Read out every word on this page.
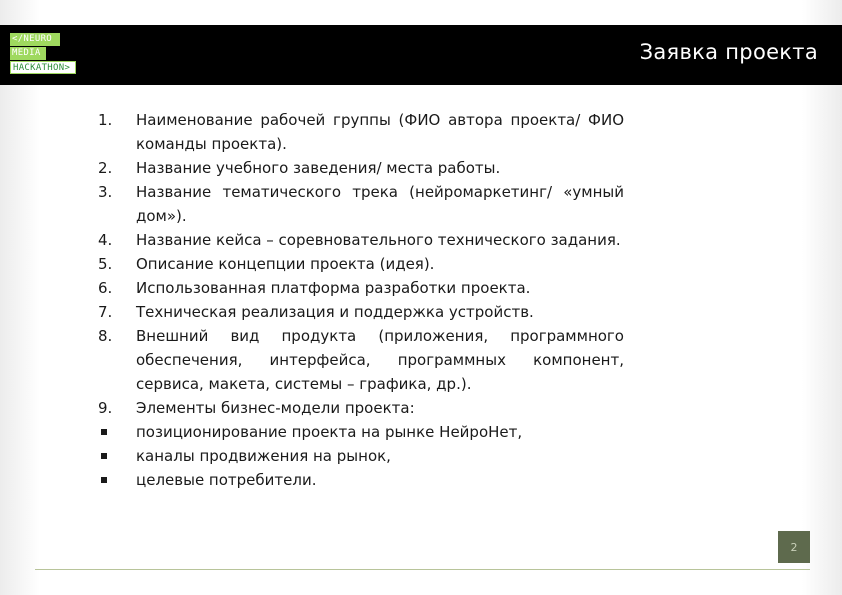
</NEURO
MEDIA
HACKATHON>
Заявка проекта
1. Наименование рабочей группы (ФИО автора проекта/ ФИО команды проекта).
2. Название учебного заведения/ места работы.
3. Название тематического трека (нейромаркетинг/ «умный дом»).
4. Название кейса – соревновательного технического задания.
5. Описание концепции проекта (идея).
6. Использованная платформа разработки проекта.
7. Техническая реализация и поддержка устройств.
8. Внешний вид продукта (приложения, программного обеспечения, интерфейса, программных компонент, сервиса, макета, системы – графика, др.).
9. Элементы бизнес-модели проекта:
позиционирование проекта на рынке НейроНет,
каналы продвижения на рынок,
целевые потребители.
2
